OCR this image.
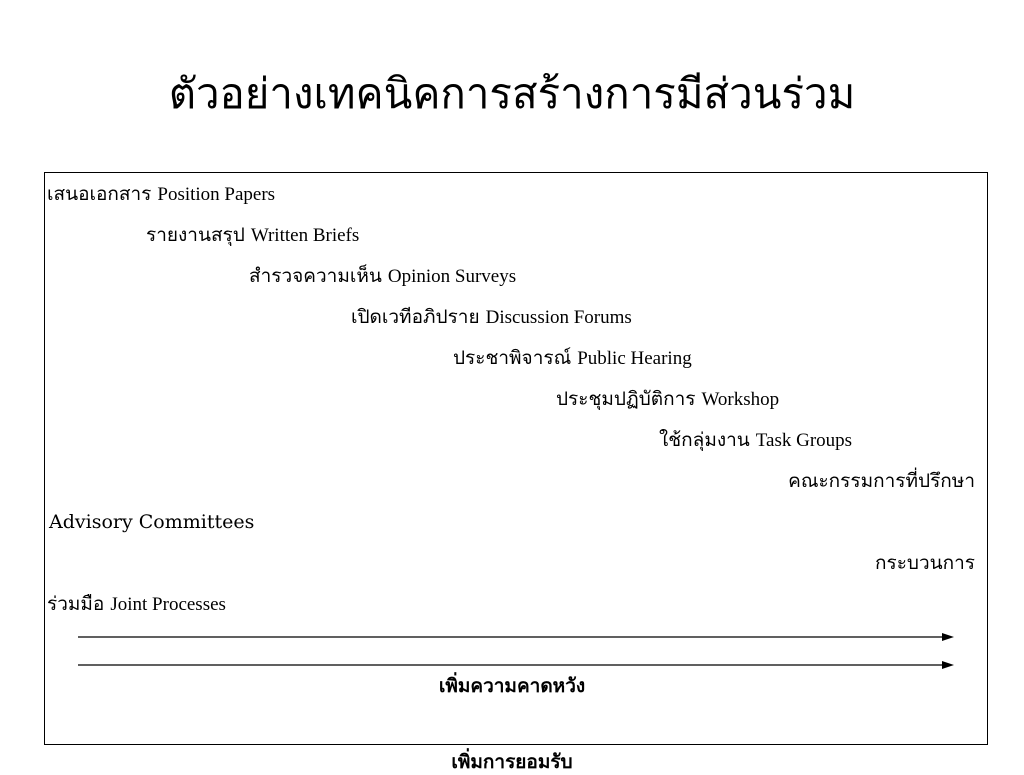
ตัวอย่างเทคนิคการสร้างการมีส่วนร่วม
เสนอเอกสาร Position Papers
รายงานสรุป Written Briefs
สำรวจความเห็น Opinion Surveys
เปิดเวทีอภิปราย Discussion Forums
ประชาพิจารณ์ Public Hearing
ประชุมปฏิบัติการ Workshop
ใช้กลุ่มงาน Task Groups
คณะกรรมการที่ปรึกษา
Advisory Committees
กระบวนการ
ร่วมมือ Joint Processes
เพิ่มความคาดหวัง
เพิ่มการยอมรับ
